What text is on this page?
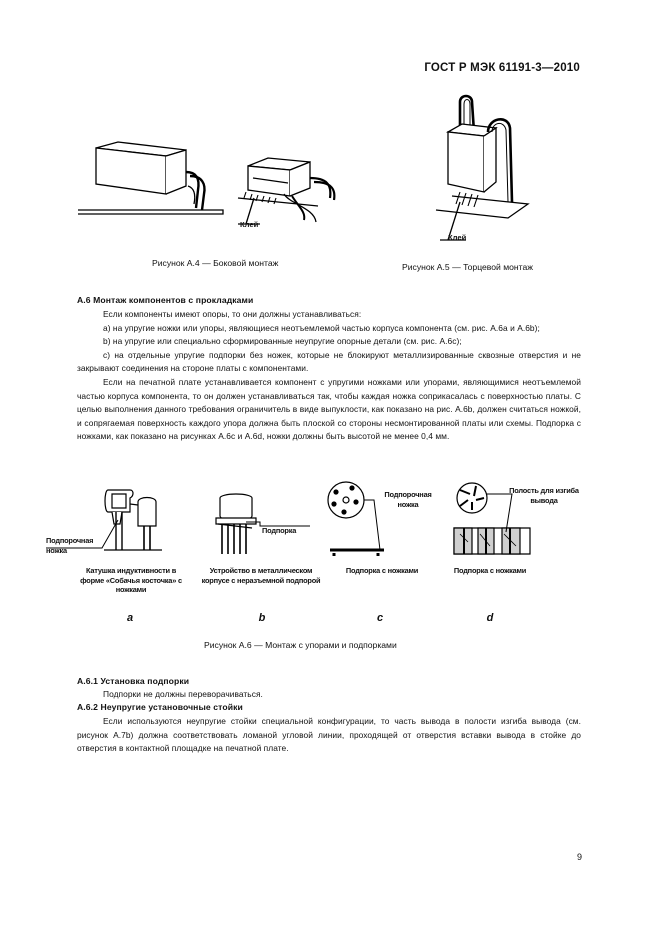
ГОСТ Р МЭК 61191-3—2010
Клей
Рисунок А.4 — Боковой монтаж
Клей
Рисунок А.5 — Торцевой монтаж
А.6 Монтаж компонентов с прокладками
Если компоненты имеют опоры, то они должны устанавливаться:
а) на упругие ножки или упоры, являющиеся неотъемлемой частью корпуса компонента (см. рис. А.6а и А.6b);
b) на упругие или специально сформированные неупругие опорные детали (см. рис. А.6с);
с) на отдельные упругие подпорки без ножек, которые не блокируют металлизированные сквозные отверстия и не закрывают соединения на стороне платы с компонентами.
Если на печатной плате устанавливается компонент с упругими ножками или упорами, являющимися неотъемлемой частью корпуса компонента, то он должен устанавливаться так, чтобы каждая ножка соприкасалась с поверхностью платы. С целью выполнения данного требования ограничитель в виде выпуклости, как показано на рис. А.6b, должен считаться ножкой, и сопрягаемая поверхность каждого упора должна быть плоской со стороны несмонтированной платы или схемы. Подпорка с ножками, как показано на рисунках А.6с и А.6d, ножки должны быть высотой не менее 0,4 мм.
Подпорочная ножка
Подпорка
Подпорочная ножка
Полость для изгиба вывода
Катушка индуктивности в форме «Собачья косточка» с ножками
Устройство в металлическом корпусе с неразъемной подпорой
Подпорка с ножками	Подпорка с ножками
a	b	c	d
Рисунок А.6 — Монтаж с упорами и подпорками
А.6.1 Установка подпорки
Подпорки не должны переворачиваться.
А.6.2 Неупругие установочные стойки
Если используются неупругие стойки специальной конфигурации, то часть вывода в полости изгиба вывода (см. рисунок А.7b) должна соответствовать ломаной угловой линии, проходящей от отверстия вставки вывода в стойке до отверстия в контактной площадке на печатной плате.
9
